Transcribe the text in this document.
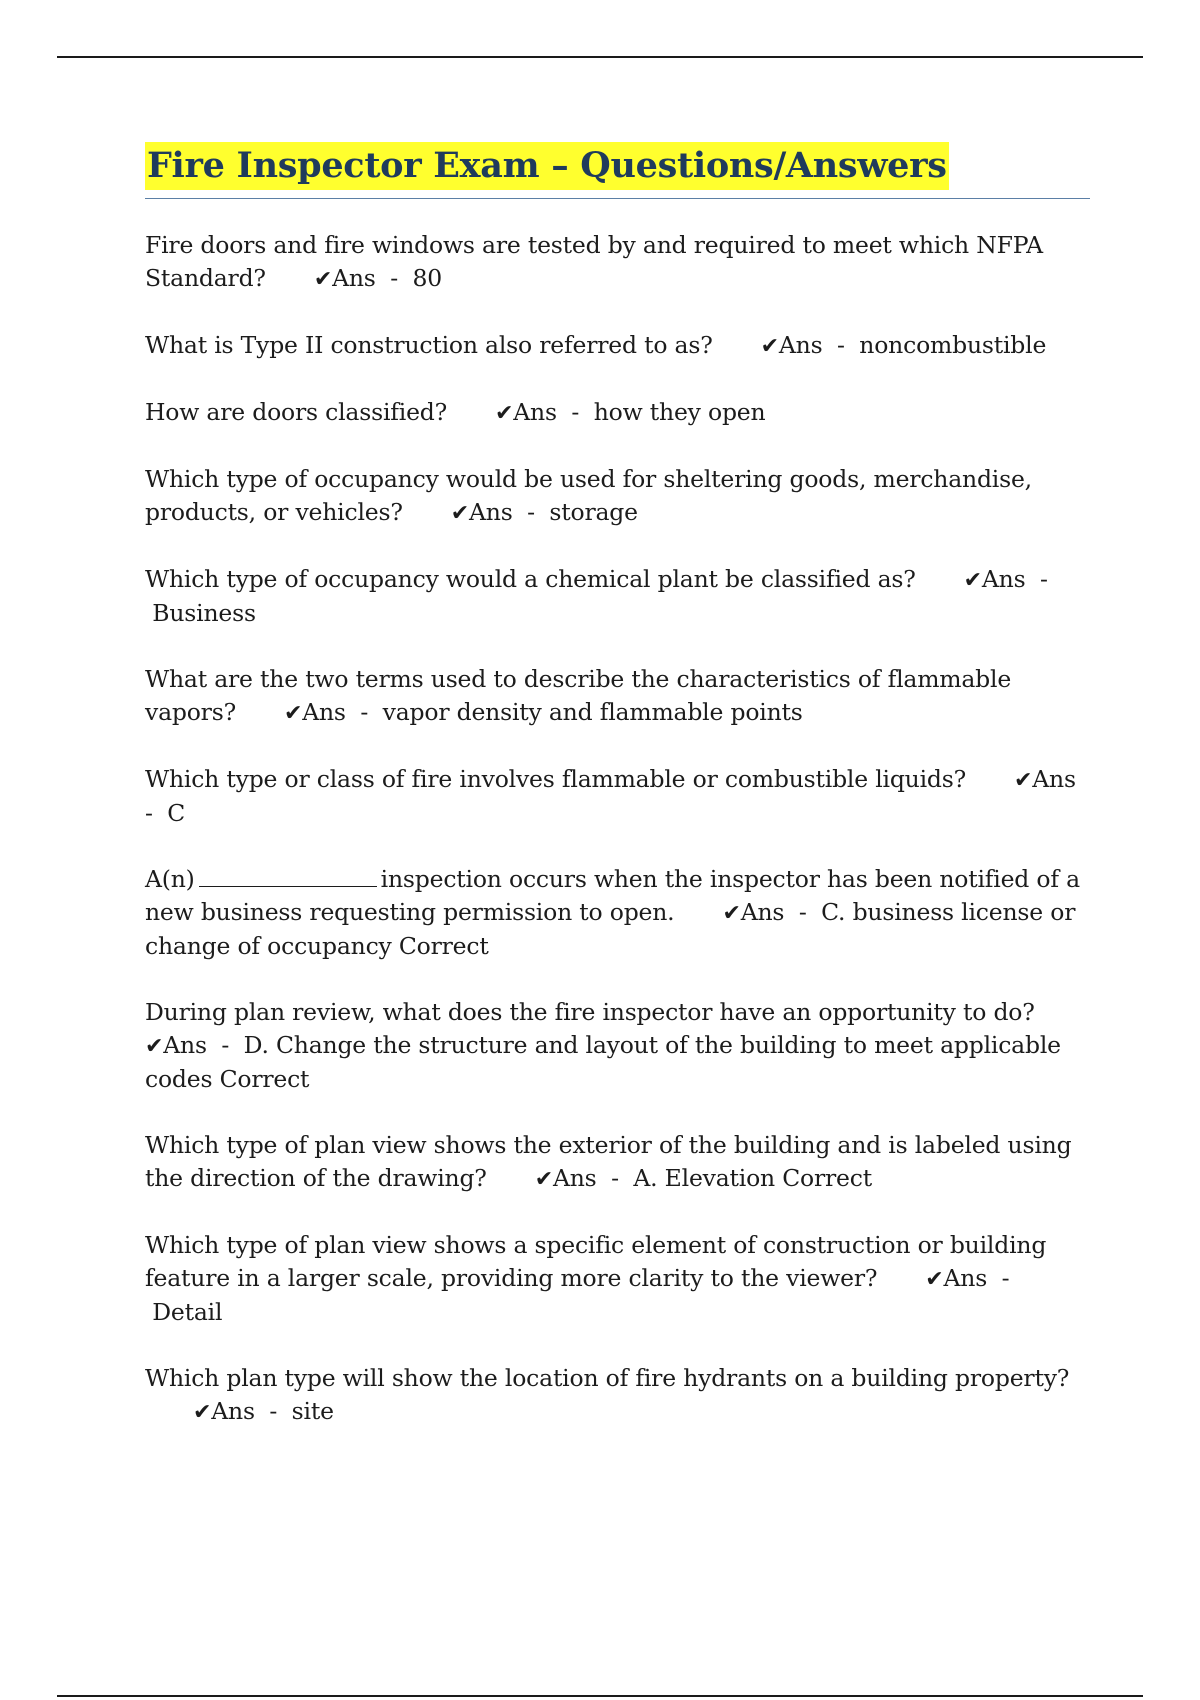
Fire Inspector Exam – Questions/Answers

Fire doors and fire windows are tested by and required to meet which NFPA Standard? ✔Ans - 80

What is Type II construction also referred to as? ✔Ans - noncombustible

How are doors classified? ✔Ans - how they open

Which type of occupancy would be used for sheltering goods, merchandise, products, or vehicles? ✔Ans - storage

Which type of occupancy would a chemical plant be classified as? ✔Ans -  Business

What are the two terms used to describe the characteristics of flammable vapors? ✔Ans - vapor density and flammable points

Which type or class of fire involves flammable or combustible liquids? ✔Ans  - C

A(n)	inspection occurs when the inspector has been notified of a new business requesting permission to open. ✔Ans - C. business license or change of occupancy Correct

During plan review, what does the fire inspector have an opportunity to do?✔Ans - D. Change the structure and layout of the building to meet applicable codes Correct

Which type of plan view shows the exterior of the building and is labeled using the direction of the drawing? ✔Ans - A. Elevation Correct

Which type of plan view shows a specific element of construction or building feature in a larger scale, providing more clarity to the viewer? ✔Ans -  Detail

Which plan type will show the location of fire hydrants on a building property?✔Ans - site
